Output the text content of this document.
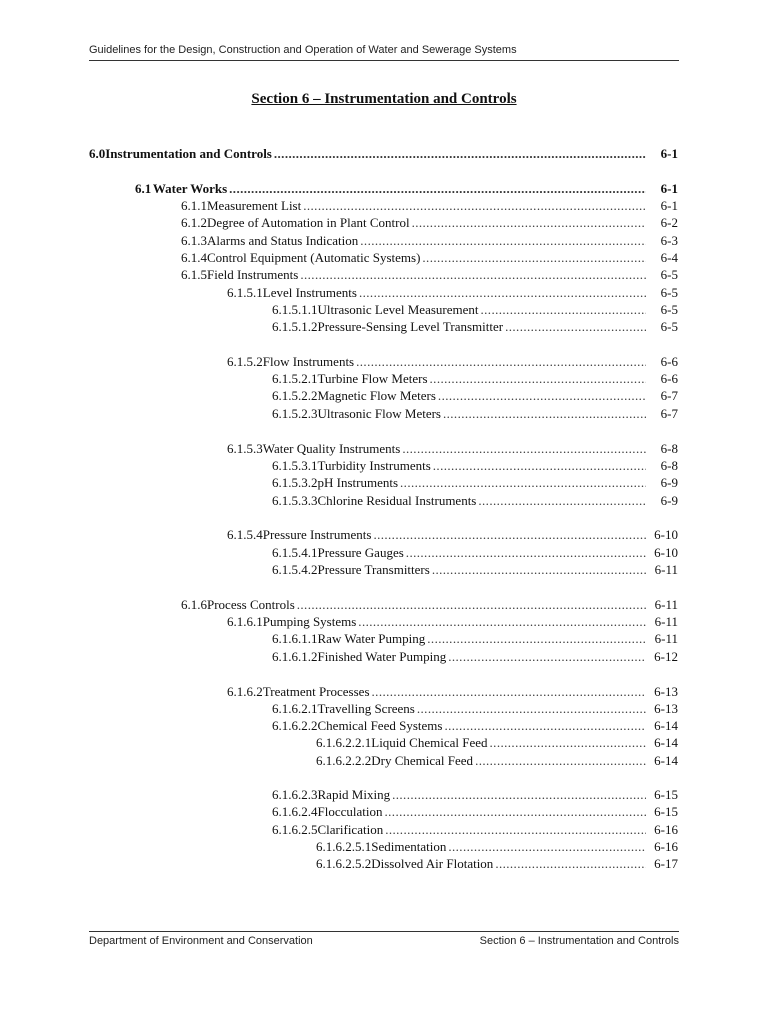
Guidelines for the Design, Construction and Operation of Water and Sewerage Systems
Section 6 – Instrumentation and Controls
6.0 Instrumentation and Controls .....	6-1
6.1 Water Works .....	6-1
6.1.1 Measurement List .....	6-1
6.1.2 Degree of Automation in Plant Control .....	6-2
6.1.3 Alarms and Status Indication .....	6-3
6.1.4 Control Equipment (Automatic Systems) .....	6-4
6.1.5 Field Instruments .....	6-5
6.1.5.1 Level Instruments .....	6-5
6.1.5.1.1 Ultrasonic Level Measurement .....	6-5
6.1.5.1.2 Pressure-Sensing Level Transmitter .....	6-5
6.1.5.2 Flow Instruments .....	6-6
6.1.5.2.1 Turbine Flow Meters .....	6-6
6.1.5.2.2 Magnetic Flow Meters .....	6-7
6.1.5.2.3 Ultrasonic Flow Meters .....	6-7
6.1.5.3 Water Quality Instruments .....	6-8
6.1.5.3.1 Turbidity Instruments .....	6-8
6.1.5.3.2 pH Instruments .....	6-9
6.1.5.3.3 Chlorine Residual Instruments .....	6-9
6.1.5.4 Pressure Instruments .....	6-10
6.1.5.4.1 Pressure Gauges .....	6-10
6.1.5.4.2 Pressure Transmitters .....	6-11
6.1.6 Process Controls .....	6-11
6.1.6.1 Pumping Systems .....	6-11
6.1.6.1.1 Raw Water Pumping .....	6-11
6.1.6.1.2 Finished Water Pumping .....	6-12
6.1.6.2 Treatment Processes .....	6-13
6.1.6.2.1 Travelling Screens .....	6-13
6.1.6.2.2 Chemical Feed Systems .....	6-14
6.1.6.2.2.1 Liquid Chemical Feed .....	6-14
6.1.6.2.2.2 Dry Chemical Feed .....	6-14
6.1.6.2.3 Rapid Mixing .....	6-15
6.1.6.2.4 Flocculation .....	6-15
6.1.6.2.5 Clarification .....	6-16
6.1.6.2.5.1 Sedimentation .....	6-16
6.1.6.2.5.2 Dissolved Air Flotation .....	6-17
Department of Environment and Conservation	Section 6 – Instrumentation and Controls
